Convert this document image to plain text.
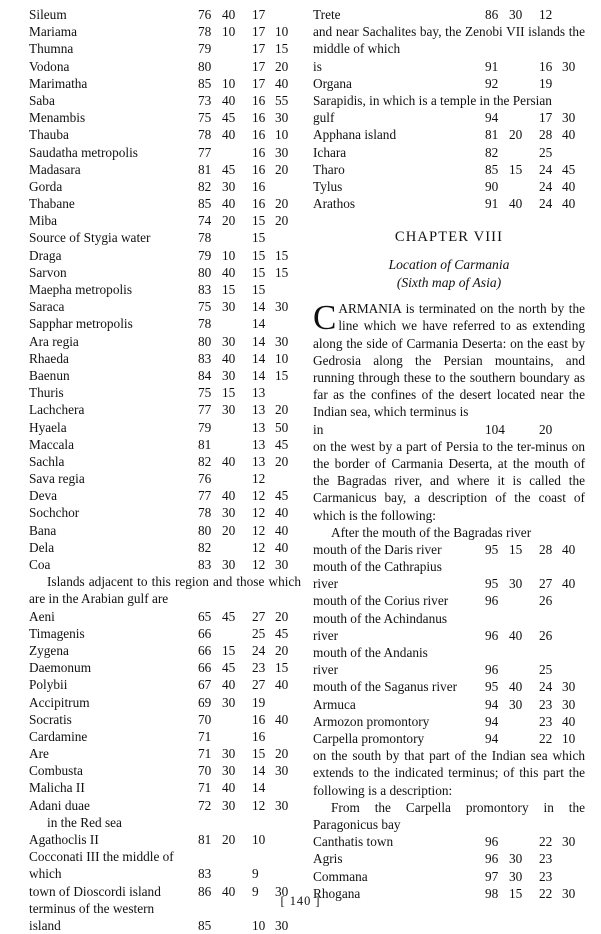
Sileum	76 40 17
Mariama	78 10 17 10
Thumna	79	17 15
Vodona	80	17 20
Marimatha	85 10 17 40
Saba	73 40 16 55
Menambis	75 45 16 30
Thauba	78 40 16 10
Saudatha metropolis	77	16 30
Madasara	81 45 16 20
Gorda	82 30 16
Thabane	85 40 16 20
Miba	74 20 15 20
Source of Stygia water	78	15
Draga	79 10 15 15
Sarvon	80 40 15 15
Maepha metropolis	83 15 15
Saraca	75 30 14 30
Sapphar metropolis	78	14
Ara regia	80 30 14 30
Rhaeda	83 40 14 10
Baenun	84 30 14 15
Thuris	75 15 13
Lachchera	77 30 13 20
Hyaela	79	13 50
Maccala	81	13 45
Sachla	82 40 13 20
Sava regia	76	12
Deva	77 40 12 45
Sochchor	78 30 12 40
Bana	80 20 12 40
Dela	82	12 40
Coa	83 30 12 30

Islands adjacent to this region and those which are in the Arabian gulf are

Aeni	65 45 27 20
Timagenis	66	25 45
Zygena	66 15 24 20
Daemonum	66 45 23 15
Polybii	67 40 27 40
Accipitrum	69 30 19
Socratis	70	16 40
Cardamine	71	16
Are	71 30 15 20
Combusta	70 30 14 30
Malicha II	71 40 14
Adani duae	72 30 12 30
in the Red sea
Agathoclis II	81 20 10
Cocconati III the middle of
which	83	9
town of Dioscordi island	86 40 9 30
terminus of the western
island	85	10 30
Trete	86 30 12

and near Sachalites bay, the Zenobi VII islands the middle of which

is	91	16 30
Organa	92	19
Sarapidis, in which is a temple in the Persian
gulf	94	17 30
Apphana island	81 20 28 40
Ichara	82	25
Tharo	85 15 24 45
Tylus	90	24 40
Arathos	91 40 24 40
CHAPTER VIII
Location of Carmania
(Sixth map of Asia)

CARMANIA is terminated on the north by the line which we have referred to as extending along the side of Carmania Deserta: on the east by Gedrosia along the Persian mountains, and running through these to the southern boundary as far as the confines of the desert located near the Indian sea, which terminus is

in	104	20

on the west by a part of Persia to the ter-minus on the border of Carmania Deserta, at the mouth of the Bagradas river, and where it is called the Carmanicus bay, a description of the coast of which is the following:

After the mouth of the Bagradas river

mouth of the Daris river	95 15 28 40
mouth of the Cathrapius
river	95 30 27 40
mouth of the Corius river	96	26
mouth of the Achindanus
river	96 40 26
mouth of the Andanis
river	96	25
mouth of the Saganus river 95 40 24 30
Armuca	94 30 23 30
Armozon promontory	94	23 40
Carpella promontory	94	22 10

on the south by that part of the Indian sea which extends to the indicated terminus; of this part the following is a description:

From the Carpella promontory in the Paragonicus bay

Canthatis town	96	22 30
Agris	96 30 23
Commana	97 30 23
Rhogana	98 15 22 30
[ 140 ]
